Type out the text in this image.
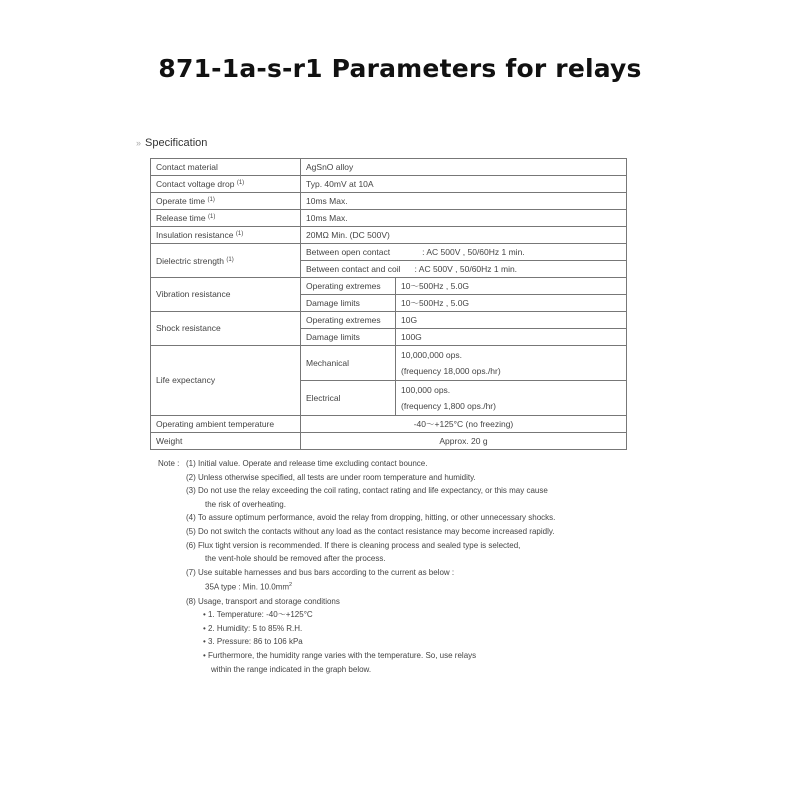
871-1a-s-r1 Parameters for relays
» Specification
Contact material	AgSnO alloy	
Contact voltage drop $^{(1)}$	Typ. 40mV at 10A	
Operate time $^{(1)}$	10ms Max.	
Release time $^{(1)}$	10ms Max.	
Insulation resistance $^{(1)}$	20MΩ Min. (DC 500V)	
Dielectric strength $^{(1)}$	Between open contact : AC 500V , 50/60Hz 1 min.	
	Between contact and coil : AC 500V , 50/60Hz 1 min.	
Vibration resistance	Operating extremes	10～500Hz , 5.0G
	Damage limits	10～500Hz , 5.0G
Shock resistance	Operating extremes	10G
	Damage limits	100G
Life expectancy	Mechanical	10,000,000 ops.
(frequency 18,000 ops./hr)

	Electrical	100,000 ops.
(frequency 1,800 ops./hr)

Operating ambient temperature	-40～+125°C (no freezing)	
Weight	Approx. 20 g	
Note : (1) Initial value. Operate and release time excluding contact bounce.
(2) Unless otherwise specified, all tests are under room temperature and humidity.
(3) Do not use the relay exceeding the coil rating, contact rating and life expectancy, or this may cause
the risk of overheating.
(4) To assure optimum performance, avoid the relay from dropping, hitting, or other unnecessary shocks.
(5) Do not switch the contacts without any load as the contact resistance may become increased rapidly.
(6) Flux tight version is recommended. If there is cleaning process and sealed type is selected,
the vent-hole should be removed after the process.
(7) Use suitable harnesses and bus bars according to the current as below :
35A type : Min. $10.0mm^2$
(8) Usage, transport and storage conditions
• 1. Temperature: -40～+125°C
• 2. Humidity: 5 to 85% R.H.
• 3. Pressure: 86 to 106 kPa
• Furthermore, the humidity range varies with the temperature. So, use relays
within the range indicated in the graph below.
